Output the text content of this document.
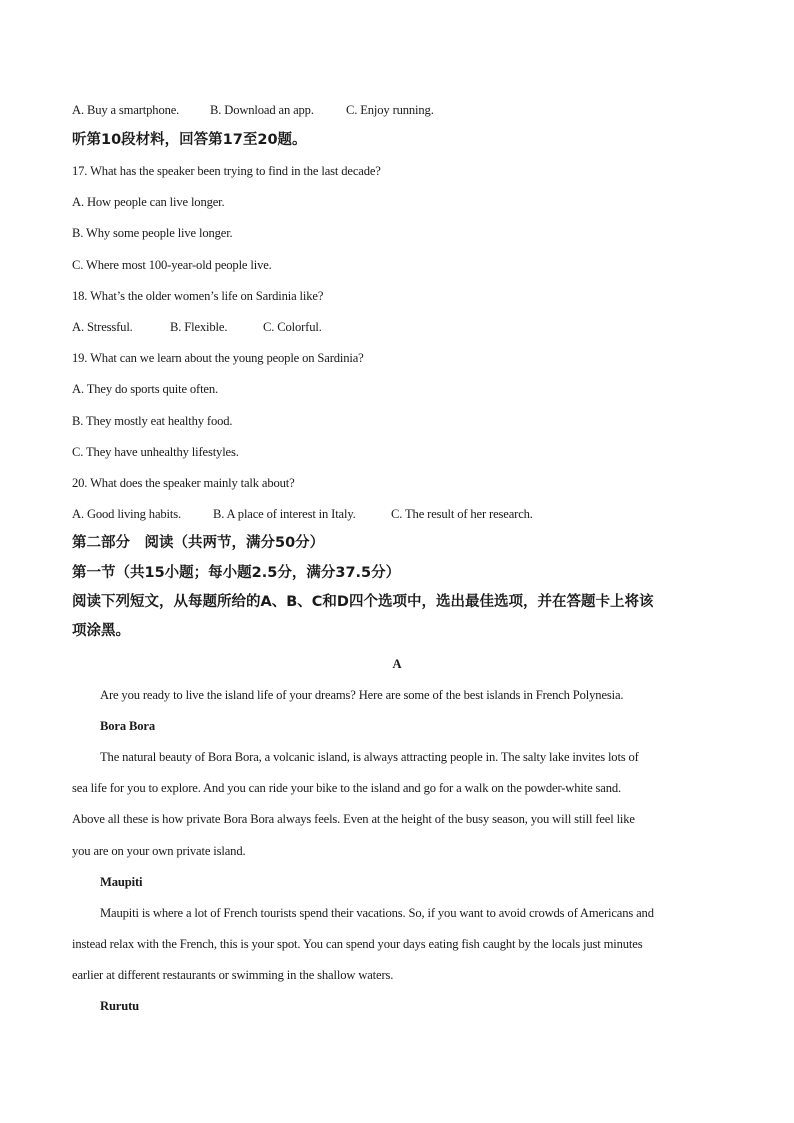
A. Buy a smartphone. B. Download an app.	C. Enjoy running.
听第10段材料，回答第17至20题。
17. What has the speaker been trying to find in the last decade?
A. How people can live longer.
B. Why some people live longer.
C. Where most 100-year-old people live.
18. What’s the older women’s life on Sardinia like?
A. Stressful.	B. Flexible.	C. Colorful.
19. What can we learn about the young people on Sardinia?
A. They do sports quite often.
B. They mostly eat healthy food.
C. They have unhealthy lifestyles.
20. What does the speaker mainly talk about?
A. Good living habits.	B. A place of interest in Italy.	C. The result of her research.
第二部分　阅读（共两节，满分50分）
第一节（共15小题；每小题2.5分，满分37.5分）
阅读下列短文，从每题所给的A、B、C和D四个选项中，选出最佳选项，并在答题卡上将该
项涂黑。
A
Are you ready to live the island life of your dreams? Here are some of the best islands in French Polynesia.
Bora Bora
The natural beauty of Bora Bora, a volcanic island, is always attracting people in. The salty lake invites lots of
sea life for you to explore. And you can ride your bike to the island and go for a walk on the powder-white sand.
Above all these is how private Bora Bora always feels. Even at the height of the busy season, you will still feel like
you are on your own private island.
Maupiti
Maupiti is where a lot of French tourists spend their vacations. So, if you want to avoid crowds of Americans and
instead relax with the French, this is your spot. You can spend your days eating fish caught by the locals just minutes
earlier at different restaurants or swimming in the shallow waters.
Rurutu
